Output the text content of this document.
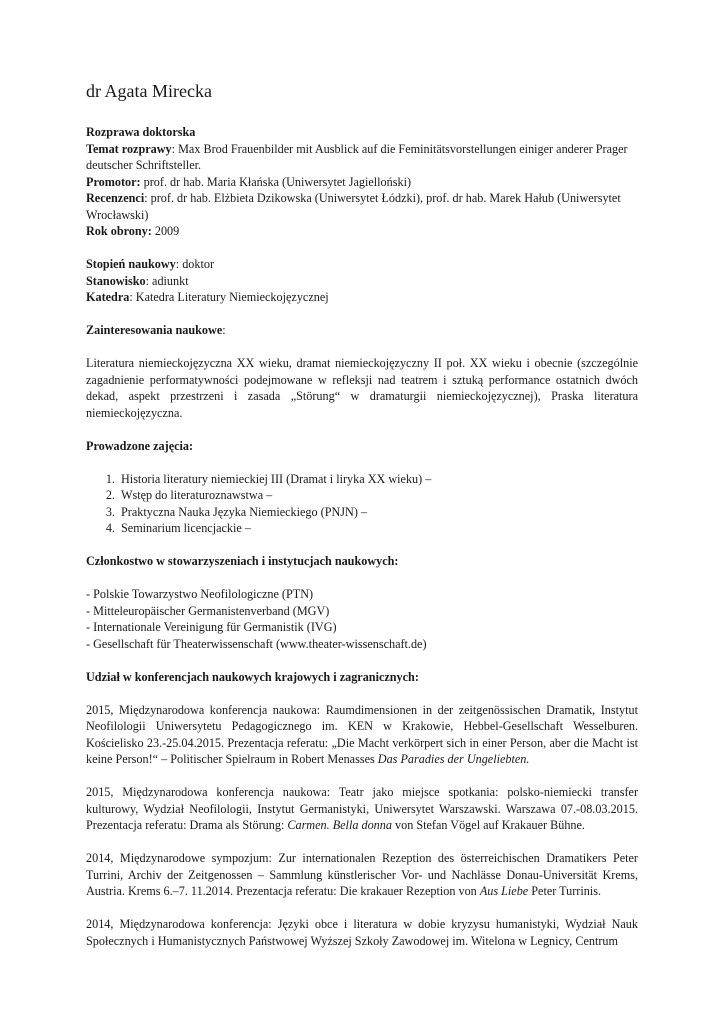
dr Agata Mirecka

Rozprawa doktorska

Temat rozprawy: Max Brod Frauenbilder mit Ausblick auf die Feminitätsvorstellungen einiger anderer Prager deutscher Schriftsteller.

Promotor: prof. dr hab. Maria Kłańska (Uniwersytet Jagielloński)

Recenzenci: prof. dr hab. Elżbieta Dzikowska (Uniwersytet Łódzki), prof. dr hab. Marek Hałub (Uniwersytet Wrocławski)

Rok obrony: 2009

Stopień naukowy: doktor

Stanowisko: adiunkt

Katedra: Katedra Literatury Niemieckojęzycznej

Zainteresowania naukowe:

Literatura niemieckojęzyczna XX wieku, dramat niemieckojęzyczny II poł. XX wieku i obecnie (szczególnie zagadnienie performatywności podejmowane w refleksji nad teatrem i sztuką performance ostatnich dwóch dekad, aspekt przestrzeni i zasada „Störung“ w dramaturgii niemieckojęzycznej), Praska literatura niemieckojęzyczna.

Prowadzone zajęcia:

1. Historia literatury niemieckiej III (Dramat i liryka XX wieku) –
2. Wstęp do literaturoznawstwa –
3. Praktyczna Nauka Języka Niemieckiego (PNJN) –
4. Seminarium licencjackie –

Członkostwo w stowarzyszeniach i instytucjach naukowych:

- Polskie Towarzystwo Neofilologiczne (PTN)
- Mitteleuropäischer Germanistenverband (MGV)
- Internationale Vereinigung für Germanistik (IVG)
- Gesellschaft für Theaterwissenschaft (www.theater-wissenschaft.de)

Udział w konferencjach naukowych krajowych i zagranicznych:

2015, Międzynarodowa konferencja naukowa: Raumdimensionen in der zeitgenössischen Dramatik, Instytut Neofilologii Uniwersytetu Pedagogicznego im. KEN w Krakowie, Hebbel-Gesellschaft Wesselburen. Kościelisko 23.-25.04.2015. Prezentacja referatu: „Die Macht verkörpert sich in einer Person, aber die Macht ist keine Person!“ – Politischer Spielraum in Robert Menasses Das Paradies der Ungeliebten.

2015, Międzynarodowa konferencja naukowa: Teatr jako miejsce spotkania: polsko-niemiecki transfer kulturowy, Wydział Neofilologii, Instytut Germanistyki, Uniwersytet Warszawski. Warszawa 07.-08.03.2015. Prezentacja referatu: Drama als Störung: Carmen. Bella donna von Stefan Vögel auf Krakauer Bühne.

2014, Międzynarodowe sympozjum: Zur internationalen Rezeption des österreichischen Dramatikers Peter Turrini, Archiv der Zeitgenossen – Sammlung künstlerischer Vor- und Nachlässe Donau-Universität Krems, Austria. Krems 6.–7. 11.2014. Prezentacja referatu: Die krakauer Rezeption von Aus Liebe Peter Turrinis.

2014, Międzynarodowa konferencja: Języki obce i literatura w dobie kryzysu humanistyki, Wydział Nauk Społecznych i Humanistycznych Państwowej Wyższej Szkoły Zawodowej im. Witelona w Legnicy, Centrum
